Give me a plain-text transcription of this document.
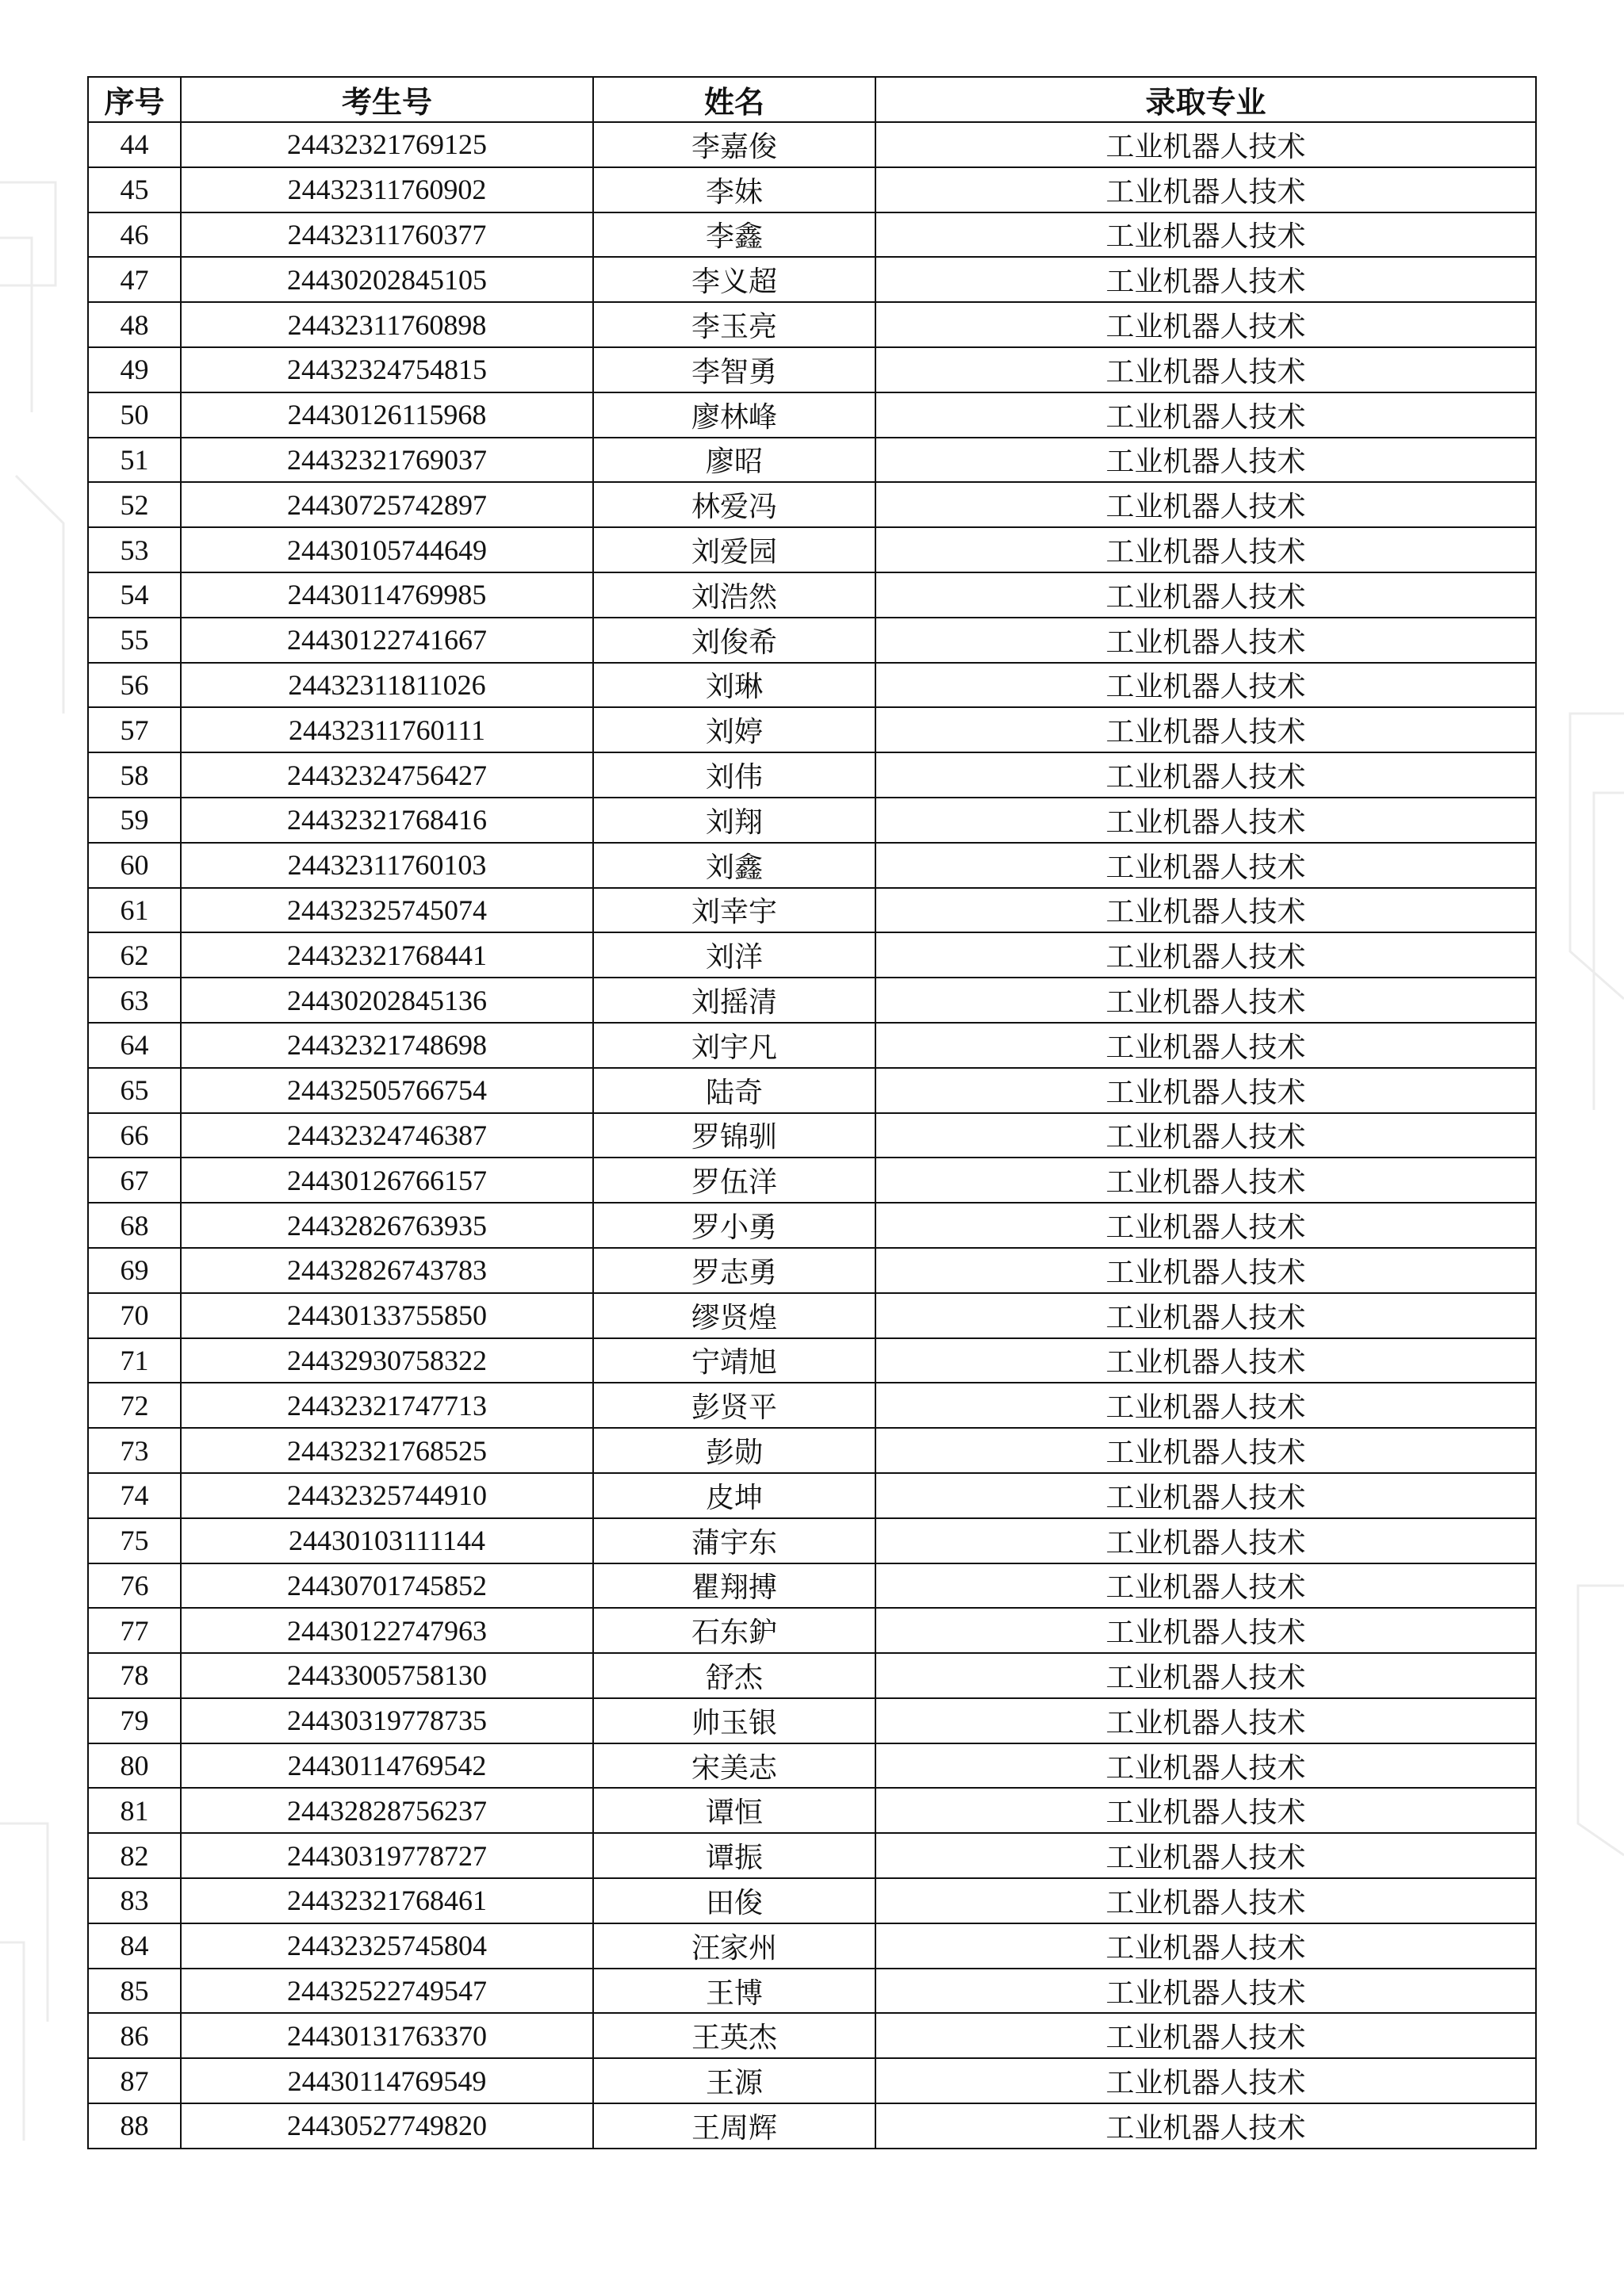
序号	考生号	姓名	录取专业
44	24432321769125	李嘉俊	工业机器人技术
45	24432311760902	李妹	工业机器人技术
46	24432311760377	李鑫	工业机器人技术
47	24430202845105	李义超	工业机器人技术
48	24432311760898	李玉亮	工业机器人技术
49	24432324754815	李智勇	工业机器人技术
50	24430126115968	廖林峰	工业机器人技术
51	24432321769037	廖昭	工业机器人技术
52	24430725742897	林爱冯	工业机器人技术
53	24430105744649	刘爱园	工业机器人技术
54	24430114769985	刘浩然	工业机器人技术
55	24430122741667	刘俊希	工业机器人技术
56	24432311811026	刘琳	工业机器人技术
57	24432311760111	刘婷	工业机器人技术
58	24432324756427	刘伟	工业机器人技术
59	24432321768416	刘翔	工业机器人技术
60	24432311760103	刘鑫	工业机器人技术
61	24432325745074	刘幸宇	工业机器人技术
62	24432321768441	刘洋	工业机器人技术
63	24430202845136	刘摇清	工业机器人技术
64	24432321748698	刘宇凡	工业机器人技术
65	24432505766754	陆奇	工业机器人技术
66	24432324746387	罗锦驯	工业机器人技术
67	24430126766157	罗伍洋	工业机器人技术
68	24432826763935	罗小勇	工业机器人技术
69	24432826743783	罗志勇	工业机器人技术
70	24430133755850	缪贤煌	工业机器人技术
71	24432930758322	宁靖旭	工业机器人技术
72	24432321747713	彭贤平	工业机器人技术
73	24432321768525	彭勋	工业机器人技术
74	24432325744910	皮坤	工业机器人技术
75	24430103111144	蒲宇东	工业机器人技术
76	24430701745852	瞿翔搏	工业机器人技术
77	24430122747963	石东鈩	工业机器人技术
78	24433005758130	舒杰	工业机器人技术
79	24430319778735	帅玉银	工业机器人技术
80	24430114769542	宋美志	工业机器人技术
81	24432828756237	谭恒	工业机器人技术
82	24430319778727	谭振	工业机器人技术
83	24432321768461	田俊	工业机器人技术
84	24432325745804	汪家州	工业机器人技术
85	24432522749547	王博	工业机器人技术
86	24430131763370	王英杰	工业机器人技术
87	24430114769549	王源	工业机器人技术
88	24430527749820	王周辉	工业机器人技术
